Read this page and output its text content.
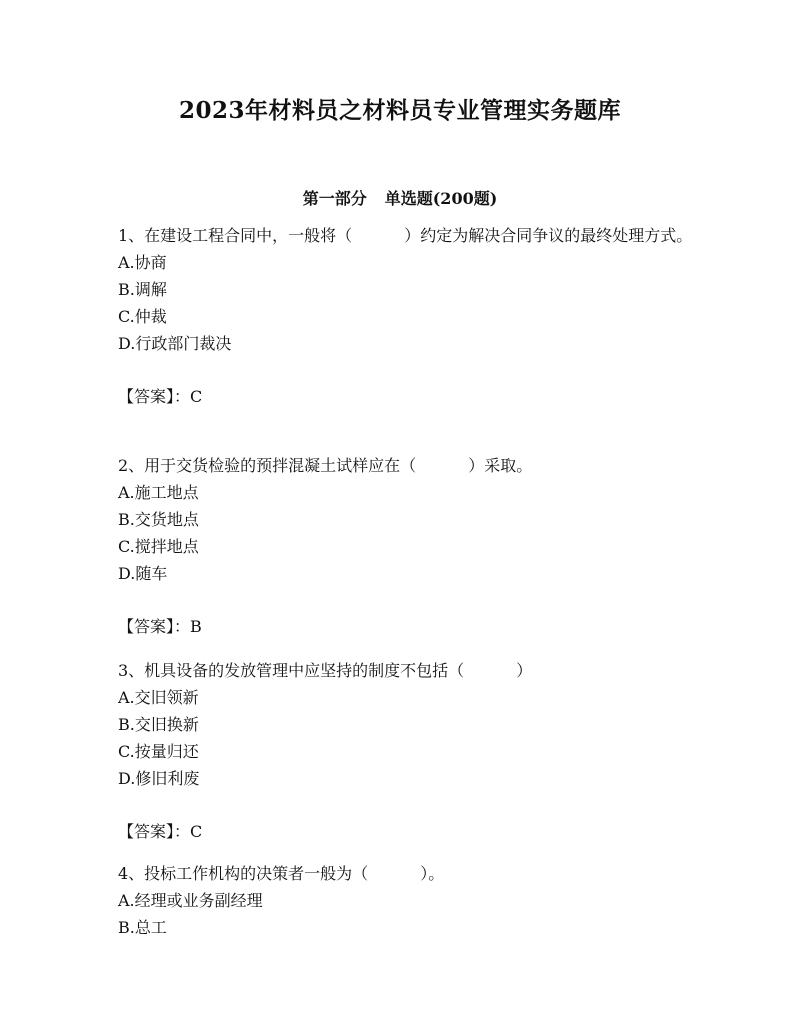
2023年材料员之材料员专业管理实务题库
第一部分 单选题(200题)
1、在建设工程合同中，一般将（	）约定为解决合同争议的最终处理方式。
A.协商
B.调解
C.仲裁
D.行政部门裁决
【答案】：C
2、用于交货检验的预拌混凝土试样应在（	）采取。
A.施工地点
B.交货地点
C.搅拌地点
D.随车
【答案】：B
3、机具设备的发放管理中应坚持的制度不包括（	）
A.交旧领新
B.交旧换新
C.按量归还
D.修旧利废
【答案】：C
4、投标工作机构的决策者一般为（	）。
A.经理或业务副经理
B.总工
